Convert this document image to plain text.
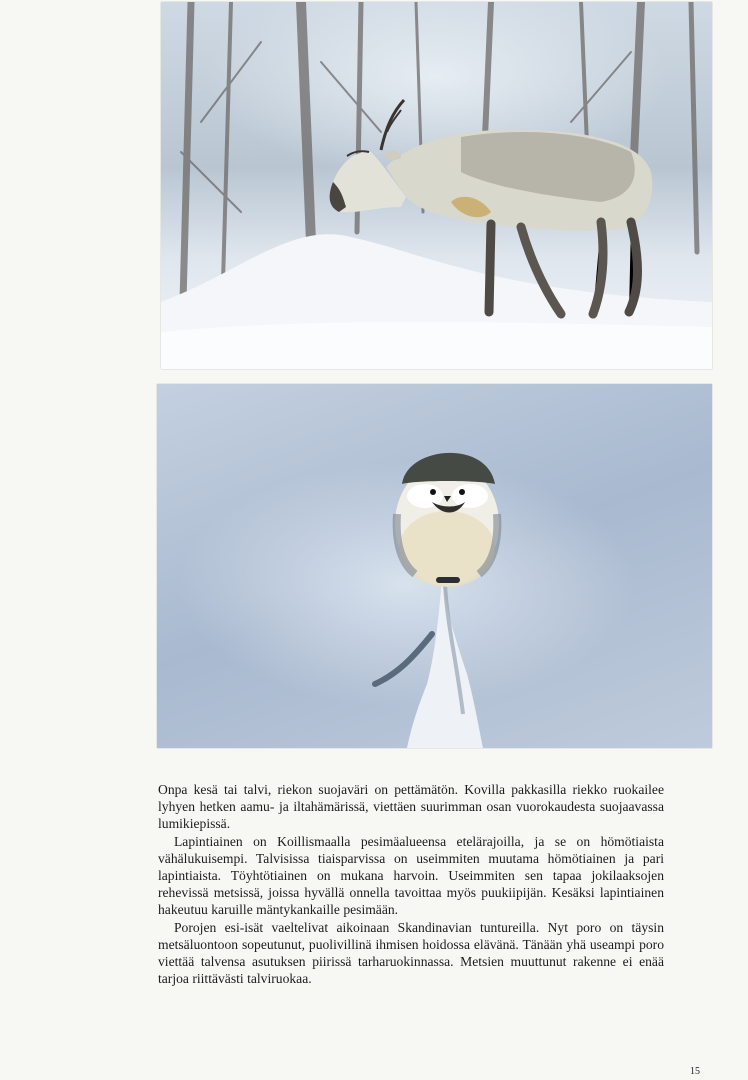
Onpa kesä tai talvi, riekon suojaväri on pettämätön. Kovilla pakkasilla riekko ruokailee lyhyen hetken aamu- ja iltahämärissä, viettäen suurimman osan vuorokaudesta suojaavassa lumikiepissä.

Lapintiainen on Koillismaalla pesimäalueensa etelärajoilla, ja se on hömötiaista vähälukuisempi. Talvisissa tiaisparvissa on useimmiten muutama hömötiainen ja pari lapintiaista. Töyhtötiainen on mukana harvoin. Useimmiten sen tapaa jokilaaksojen rehevissä metsissä, joissa hyvällä onnella tavoittaa myös puukiipijän. Kesäksi lapintiainen hakeutuu karuille mäntykankaille pesimään.

Porojen esi-isät vaeltelivat aikoinaan Skandinavian tuntureilla. Nyt poro on täysin metsäluontoon sopeutunut, puolivillinä ihmisen hoidossa elävänä. Tänään yhä useampi poro viettää talvensa asutuksen piirissä tarharuokinnassa. Metsien muuttunut rakenne ei enää tarjoa riittävästi talviruokaa.

15
